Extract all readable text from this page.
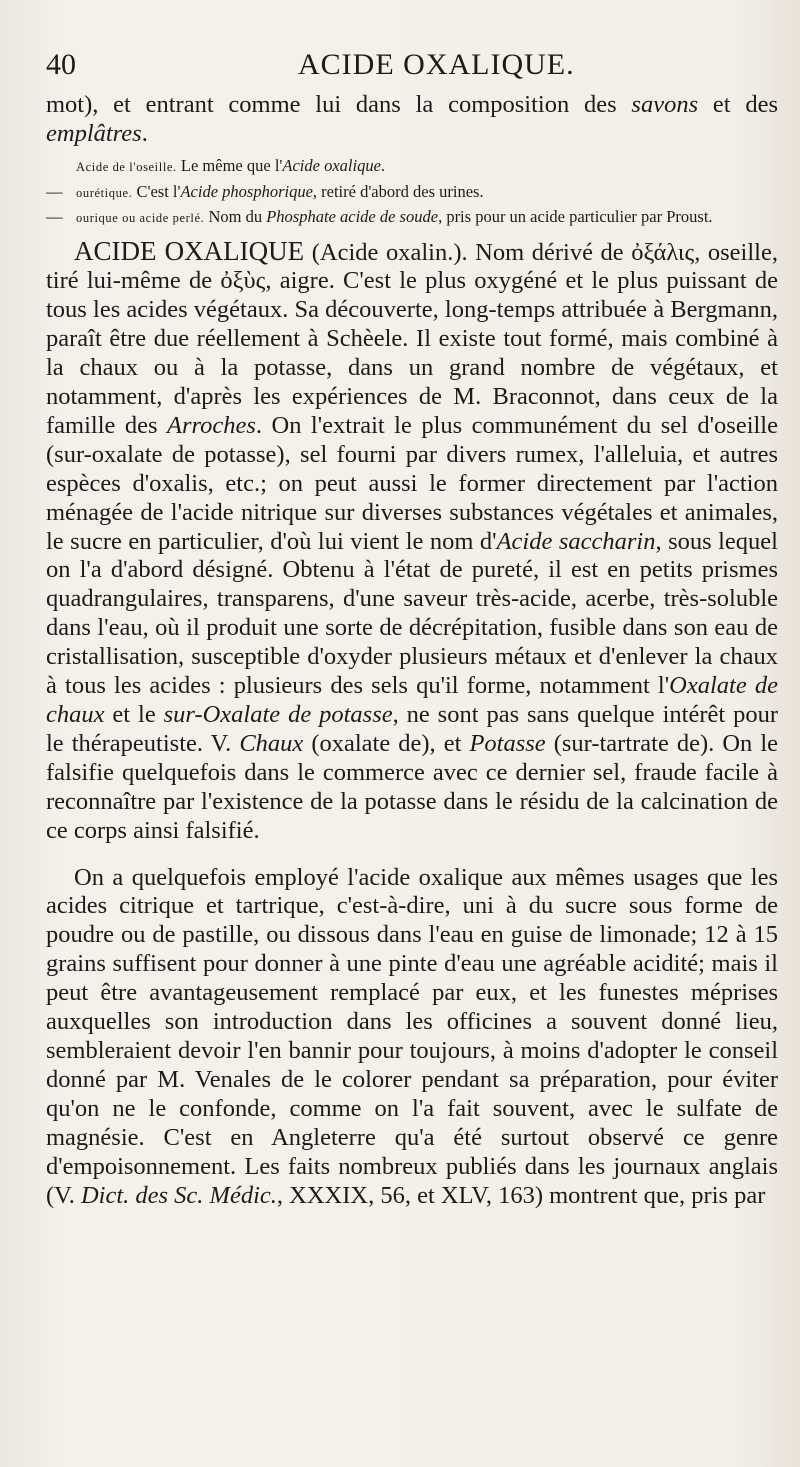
40	ACIDE OXALIQUE.

mot), et entrant comme lui dans la composition des savons et des emplâtres.

Acide de l'oseille. Le même que l'Acide oxalique.

— ourétique. C'est l'Acide phosphorique, retiré d'abord des urines.

— ourique ou acide perlé. Nom du Phosphate acide de soude, pris pour un acide particulier par Proust.

ACIDE OXALIQUE (Acide oxalin.). Nom dérivé de ὀξάλις, oseille, tiré lui-même de ὀξὺς, aigre. C'est le plus oxygéné et le plus puissant de tous les acides végétaux. Sa découverte, long-temps attribuée à Bergmann, paraît être due réellement à Schèele. Il existe tout formé, mais combiné à la chaux ou à la potasse, dans un grand nombre de végétaux, et notamment, d'après les expériences de M. Braconnot, dans ceux de la famille des Arroches. On l'extrait le plus communément du sel d'oseille (sur-oxalate de potasse), sel fourni par divers rumex, l'alleluia, et autres espèces d'oxalis, etc.; on peut aussi le former directement par l'action ménagée de l'acide nitrique sur diverses substances végétales et animales, le sucre en particulier, d'où lui vient le nom d'Acide saccharin, sous lequel on l'a d'abord désigné. Obtenu à l'état de pureté, il est en petits prismes quadrangulaires, transparens, d'une saveur très-acide, acerbe, très-soluble dans l'eau, où il produit une sorte de décrépitation, fusible dans son eau de cristallisation, susceptible d'oxyder plusieurs métaux et d'enlever la chaux à tous les acides : plusieurs des sels qu'il forme, notamment l'Oxalate de chaux et le sur-Oxalate de potasse, ne sont pas sans quelque intérêt pour le thérapeutiste. V. Chaux (oxalate de), et Potasse (sur-tartrate de). On le falsifie quelquefois dans le commerce avec ce dernier sel, fraude facile à reconnaître par l'existence de la potasse dans le résidu de la calcination de ce corps ainsi falsifié.

On a quelquefois employé l'acide oxalique aux mêmes usages que les acides citrique et tartrique, c'est-à-dire, uni à du sucre sous forme de poudre ou de pastille, ou dissous dans l'eau en guise de limonade; 12 à 15 grains suffisent pour donner à une pinte d'eau une agréable acidité; mais il peut être avantageusement remplacé par eux, et les funestes méprises auxquelles son introduction dans les officines a souvent donné lieu, sembleraient devoir l'en bannir pour toujours, à moins d'adopter le conseil donné par M. Venales de le colorer pendant sa préparation, pour éviter qu'on ne le confonde, comme on l'a fait souvent, avec le sulfate de magnésie. C'est en Angleterre qu'a été surtout observé ce genre d'empoisonnement. Les faits nombreux publiés dans les journaux anglais (V. Dict. des Sc. Médic., XXXIX, 56, et XLV, 163) montrent que, pris par
